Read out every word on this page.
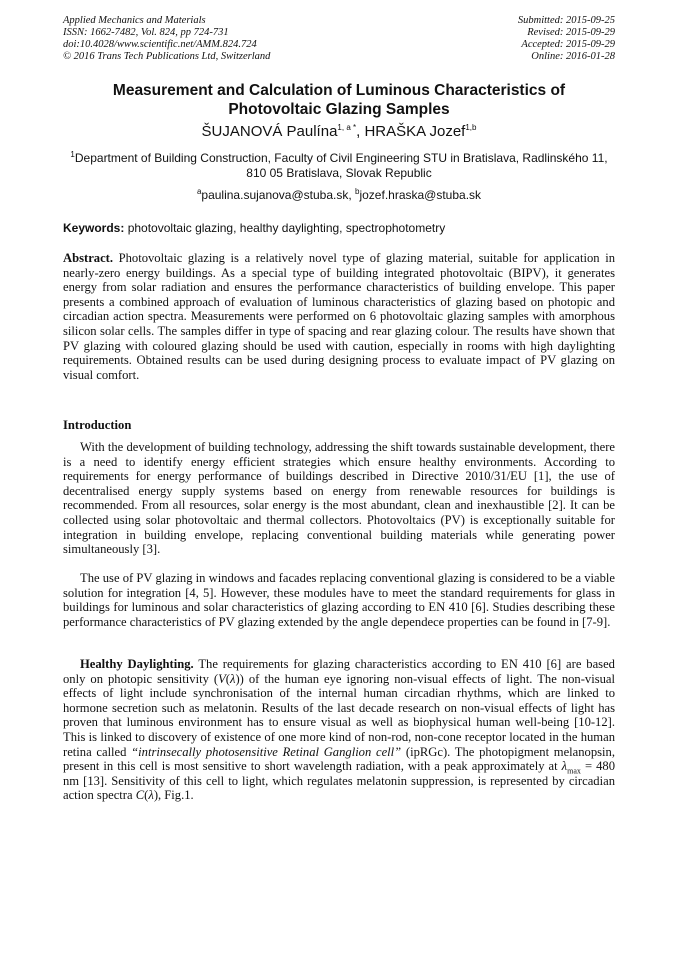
Applied Mechanics and Materials
ISSN: 1662-7482, Vol. 824, pp 724-731
doi:10.4028/www.scientific.net/AMM.824.724
© 2016 Trans Tech Publications Ltd, Switzerland
Submitted: 2015-09-25
Revised: 2015-09-29
Accepted: 2015-09-29
Online: 2016-01-28
Measurement and Calculation of Luminous Characteristics of
Photovoltaic Glazing Samples
ŠUJANOVÁ Paulína$^{1, a *}$, HRAŠKA Jozef$^{1,b}$
$^1$Department of Building Construction, Faculty of Civil Engineering STU in Bratislava, Radlinského 11, 810 05 Bratislava, Slovak Republic
$^a$paulina.sujanova@stuba.sk, $^b$jozef.hraska@stuba.sk
Keywords: photovoltaic glazing, healthy daylighting, spectrophotometry
Abstract. Photovoltaic glazing is a relatively novel type of glazing material, suitable for application in nearly-zero energy buildings. As a special type of building integrated photovoltaic (BIPV), it generates energy from solar radiation and ensures the performance characteristics of building envelope. This paper presents a combined approach of evaluation of luminous characteristics of glazing based on photopic and circadian action spectra. Measurements were performed on 6 photovoltaic glazing samples with amorphous silicon solar cells. The samples differ in type of spacing and rear glazing colour. The results have shown that PV glazing with coloured glazing should be used with caution, especially in rooms with high daylighting requirements. Obtained results can be used during designing process to evaluate impact of PV glazing on visual comfort.
Introduction
With the development of building technology, addressing the shift towards sustainable development, there is a need to identify energy efficient strategies which ensure healthy environments. According to requirements for energy performance of buildings described in Directive 2010/31/EU [1], the use of decentralised energy supply systems based on energy from renewable resources for buildings is recommended. From all resources, solar energy is the most abundant, clean and inexhaustible [2]. It can be collected using solar photovoltaic and thermal collectors. Photovoltaics (PV) is exceptionally suitable for integration in building envelope, replacing conventional building materials while generating power simultaneously [3].
The use of PV glazing in windows and facades replacing conventional glazing is considered to be a viable solution for integration [4, 5]. However, these modules have to meet the standard requirements for glass in buildings for luminous and solar characteristics of glazing according to EN 410 [6]. Studies describing these performance characteristics of PV glazing extended by the angle dependece properties can be found in [7-9].
Healthy Daylighting. The requirements for glazing characteristics according to EN 410 [6] are based only on photopic sensitivity (V(λ)) of the human eye ignoring non-visual effects of light. The non-visual effects of light include synchronisation of the internal human circadian rhythms, which are linked to hormone secretion such as melatonin. Results of the last decade research on non-visual effects of light has proven that luminous environment has to ensure visual as well as biophysical human well-being [10-12]. This is linked to discovery of existence of one more kind of non-rod, non-cone receptor located in the human retina called “intrinsecally photosensitive Retinal Ganglion cell” (ipRGc). The photopigment melanopsin, present in this cell is most sensitive to short wavelength radiation, with a peak approximately at $\lambda_{max} = 480$ nm [13]. Sensitivity of this cell to light, which regulates melatonin suppression, is represented by circadian action spectra C(λ), Fig.1.
